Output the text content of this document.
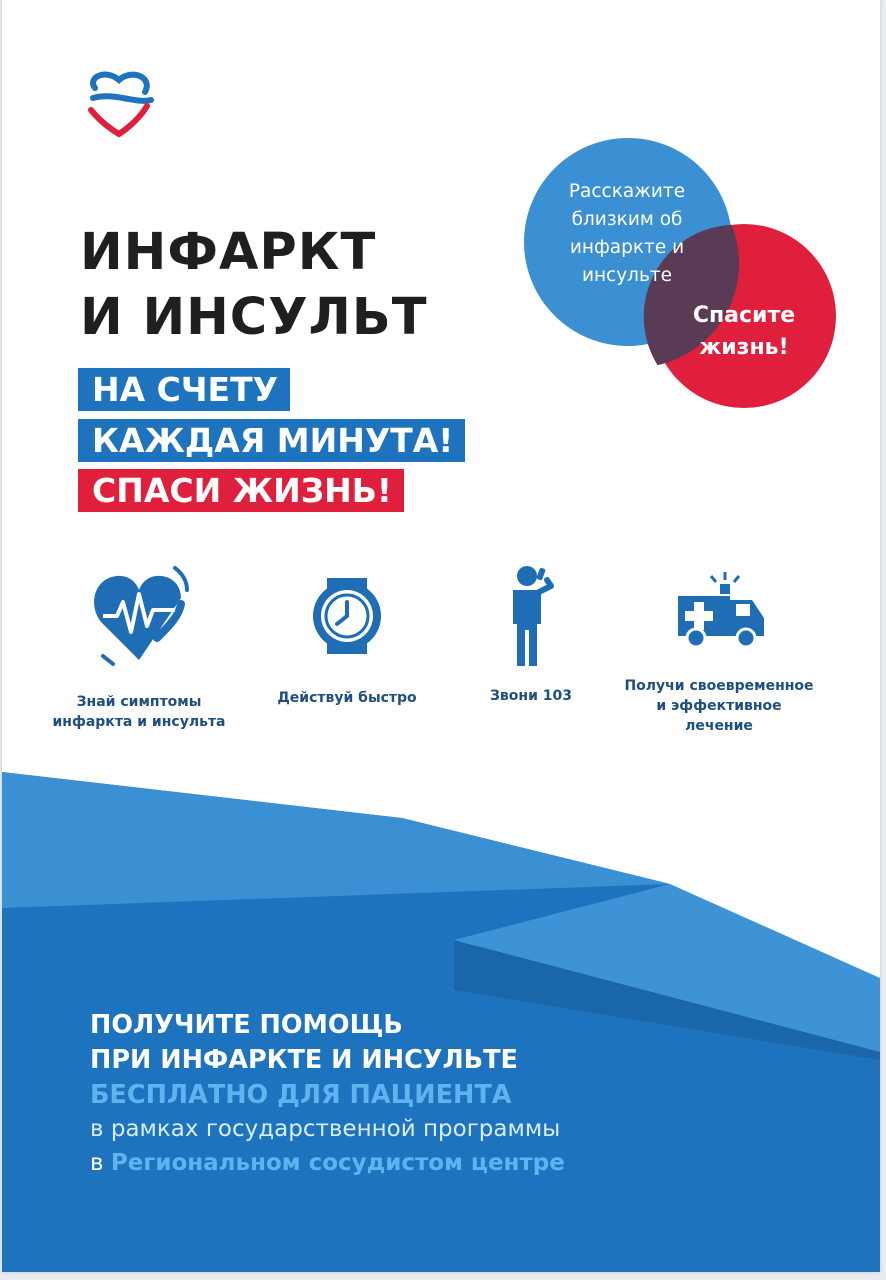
ИНФАРКТ
И ИНСУЛЬТ
НА СЧЕТУ
КАЖДАЯ МИНУТА!
СПАСИ ЖИЗНЬ!
Расскажите близким об инфаркте и инсульте
Спасите жизнь!
Знай симптомы инфаркта и инсульта
Действуй быстро	Звони 103
Получи своевременное и эффективное лечение
ПОЛУЧИТЕ ПОМОЩЬ
ПРИ ИНФАРКТЕ И ИНСУЛЬТЕ
БЕСПЛАТНО ДЛЯ ПАЦИЕНТА
в рамках государственной программы
в Региональном сосудистом центре
